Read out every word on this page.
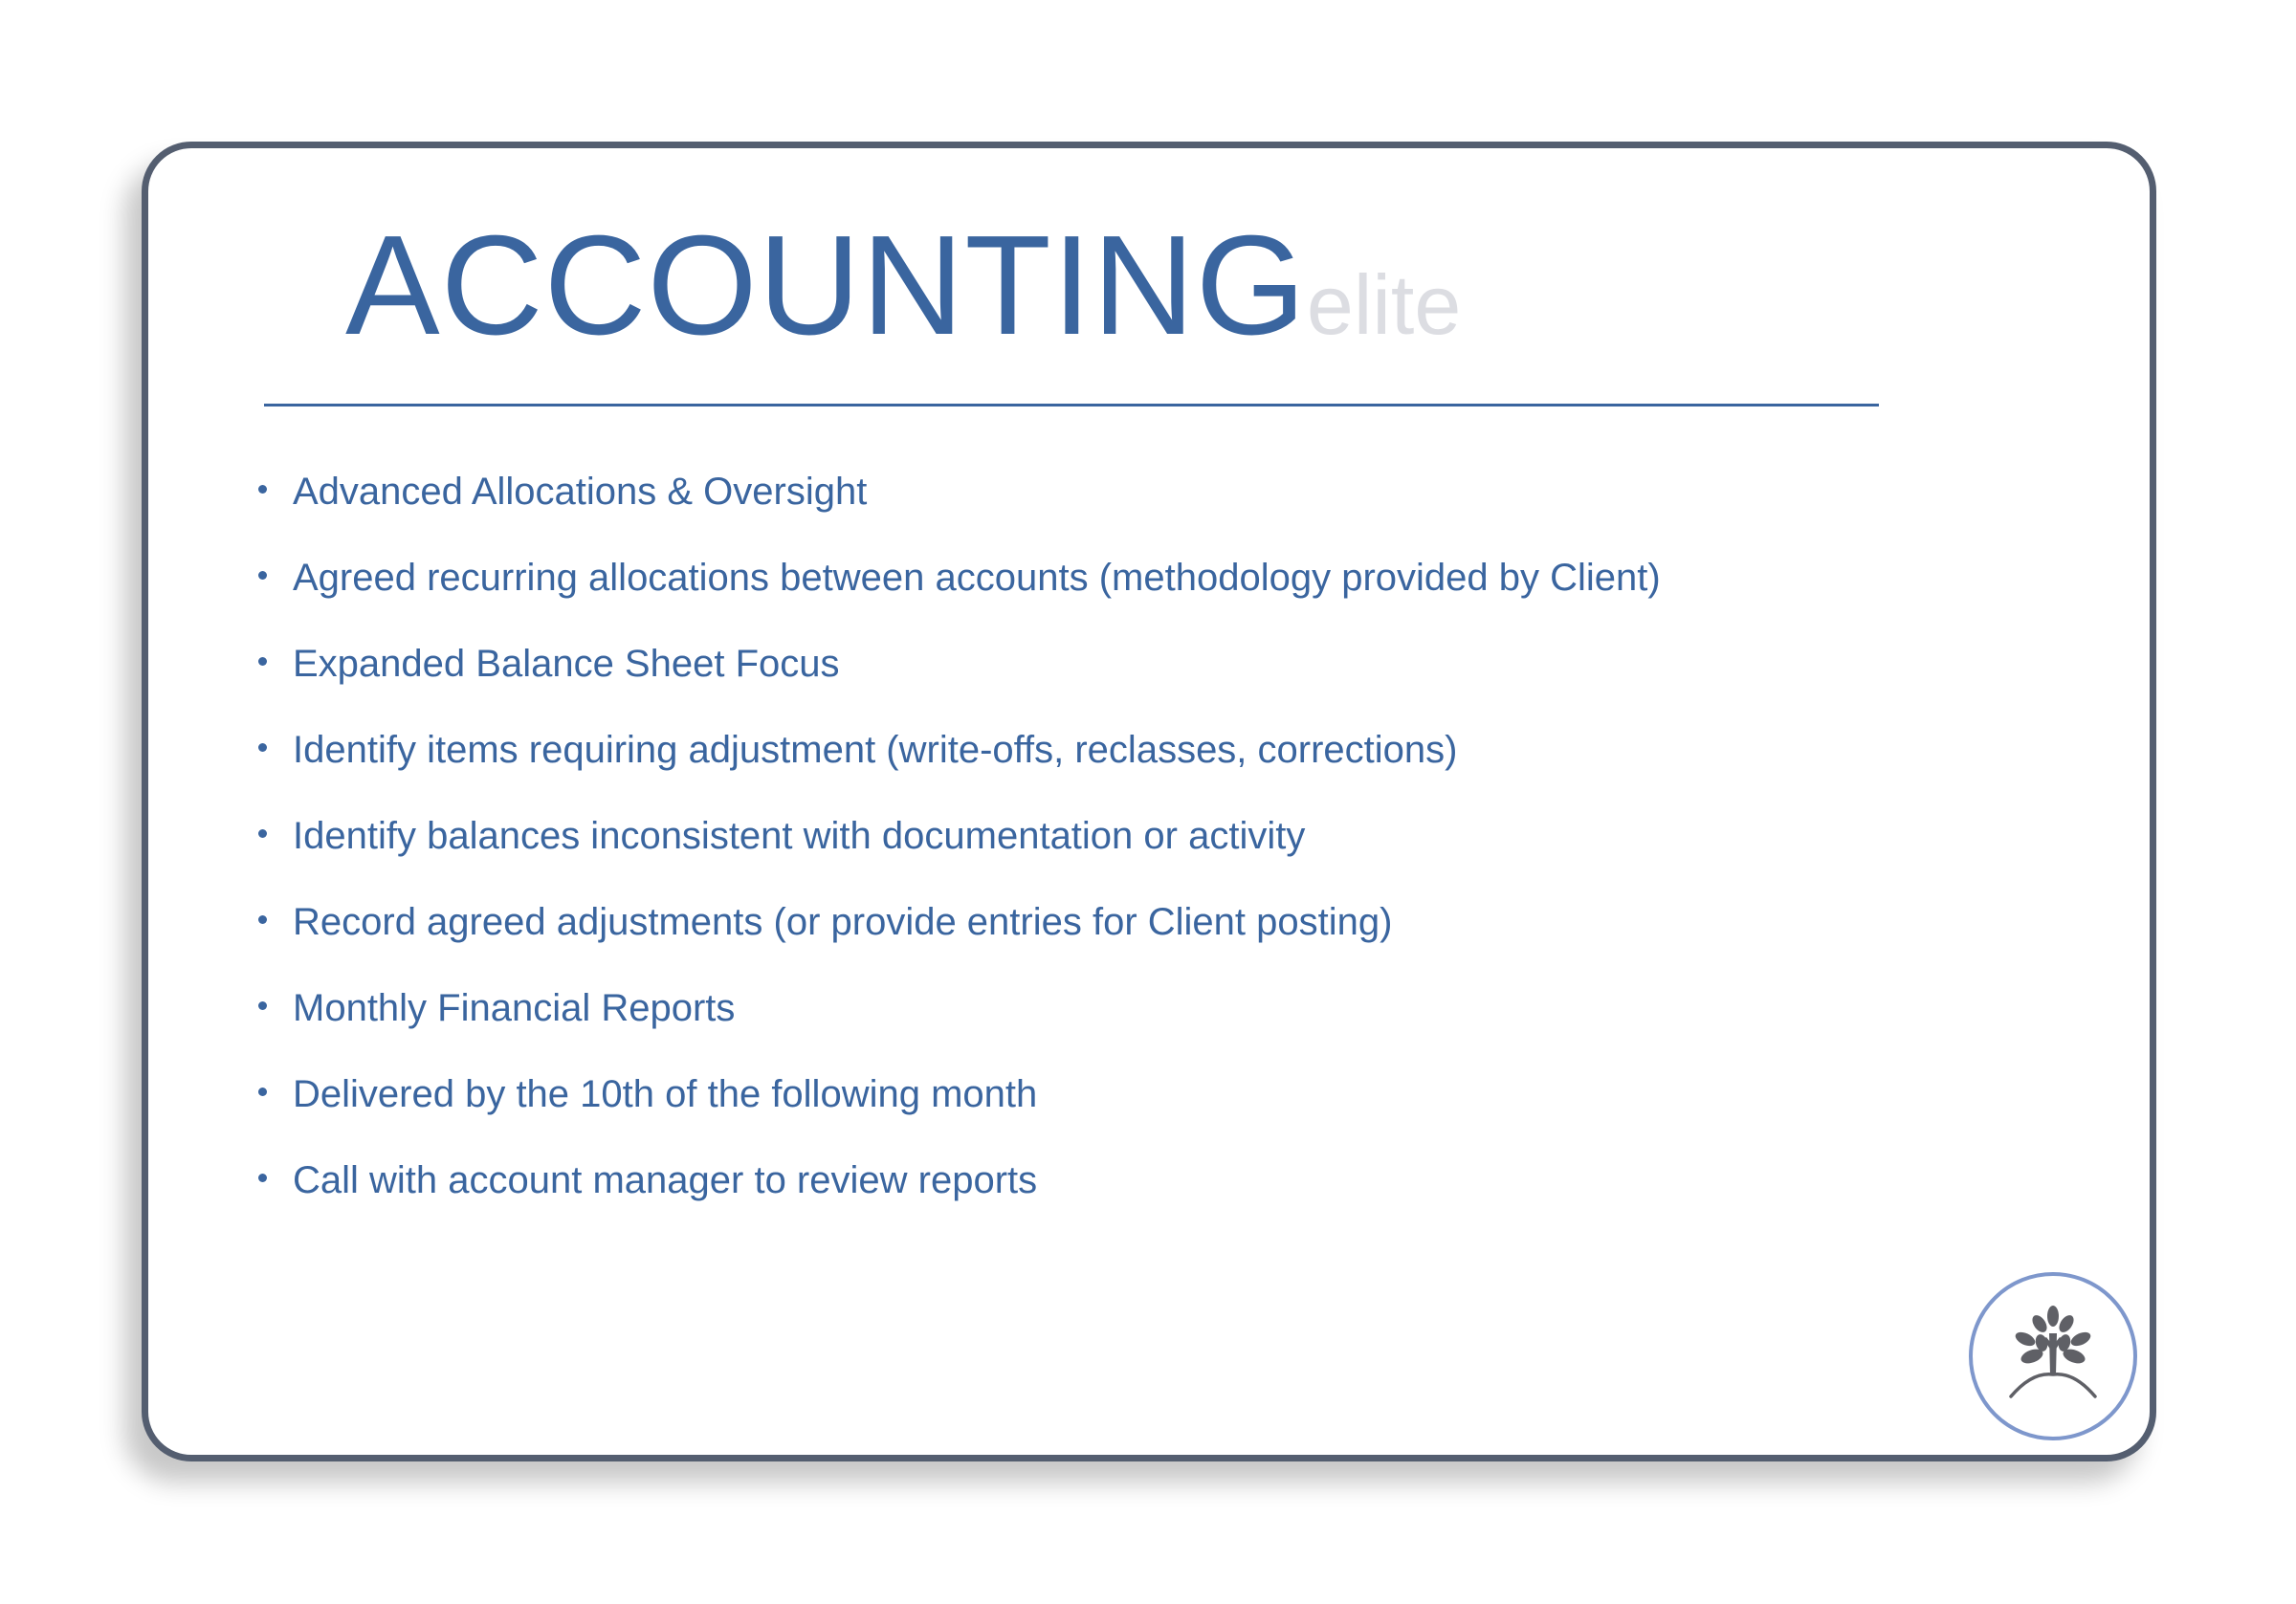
ACCOUNTINGelite
Advanced Allocations & Oversight
Agreed recurring allocations between accounts (methodology provided by Client)
Expanded Balance Sheet Focus
Identify items requiring adjustment (write-offs, reclasses, corrections)
Identify balances inconsistent with documentation or activity
Record agreed adjustments (or provide entries for Client posting)
Monthly Financial Reports
Delivered by the 10th of the following month
Call with account manager to review reports
